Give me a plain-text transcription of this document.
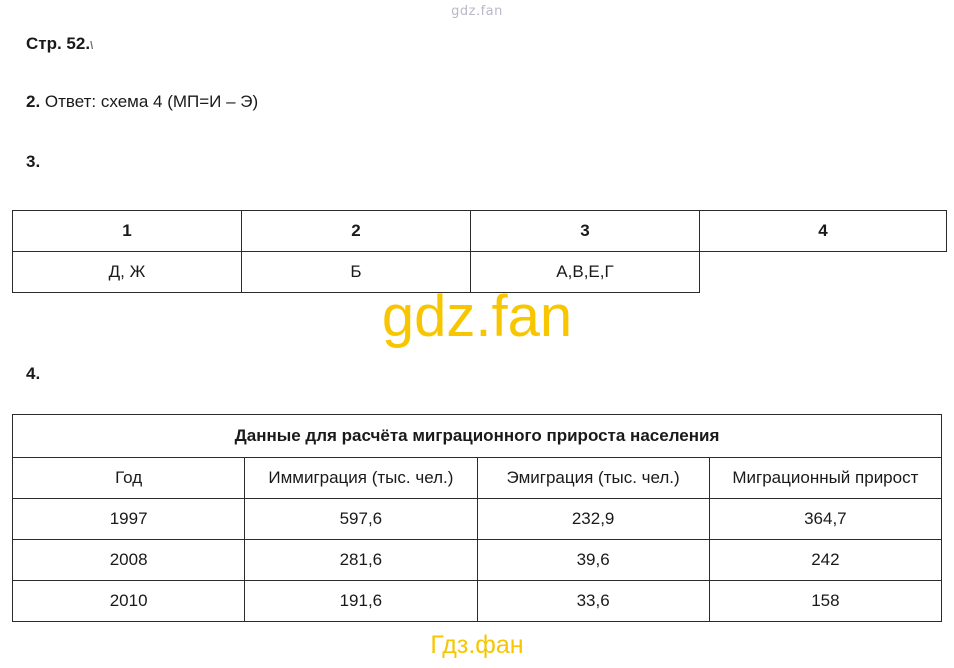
gdz.fan
Стр. 52.\
2. Ответ: схема 4 (МП=И – Э)
3.
1	2	3	4
Д, Ж	Б	А,В,Е,Г	
gdz.fan
4.
Данные для расчёта миграционного прироста населения			
Год	Иммиграция (тыс. чел.)	Эмиграция (тыс. чел.)	Миграционный прирост
1997	597,6	232,9	364,7
2008	281,6	39,6	242
2010	191,6	33,6	158
Гдз.фан
